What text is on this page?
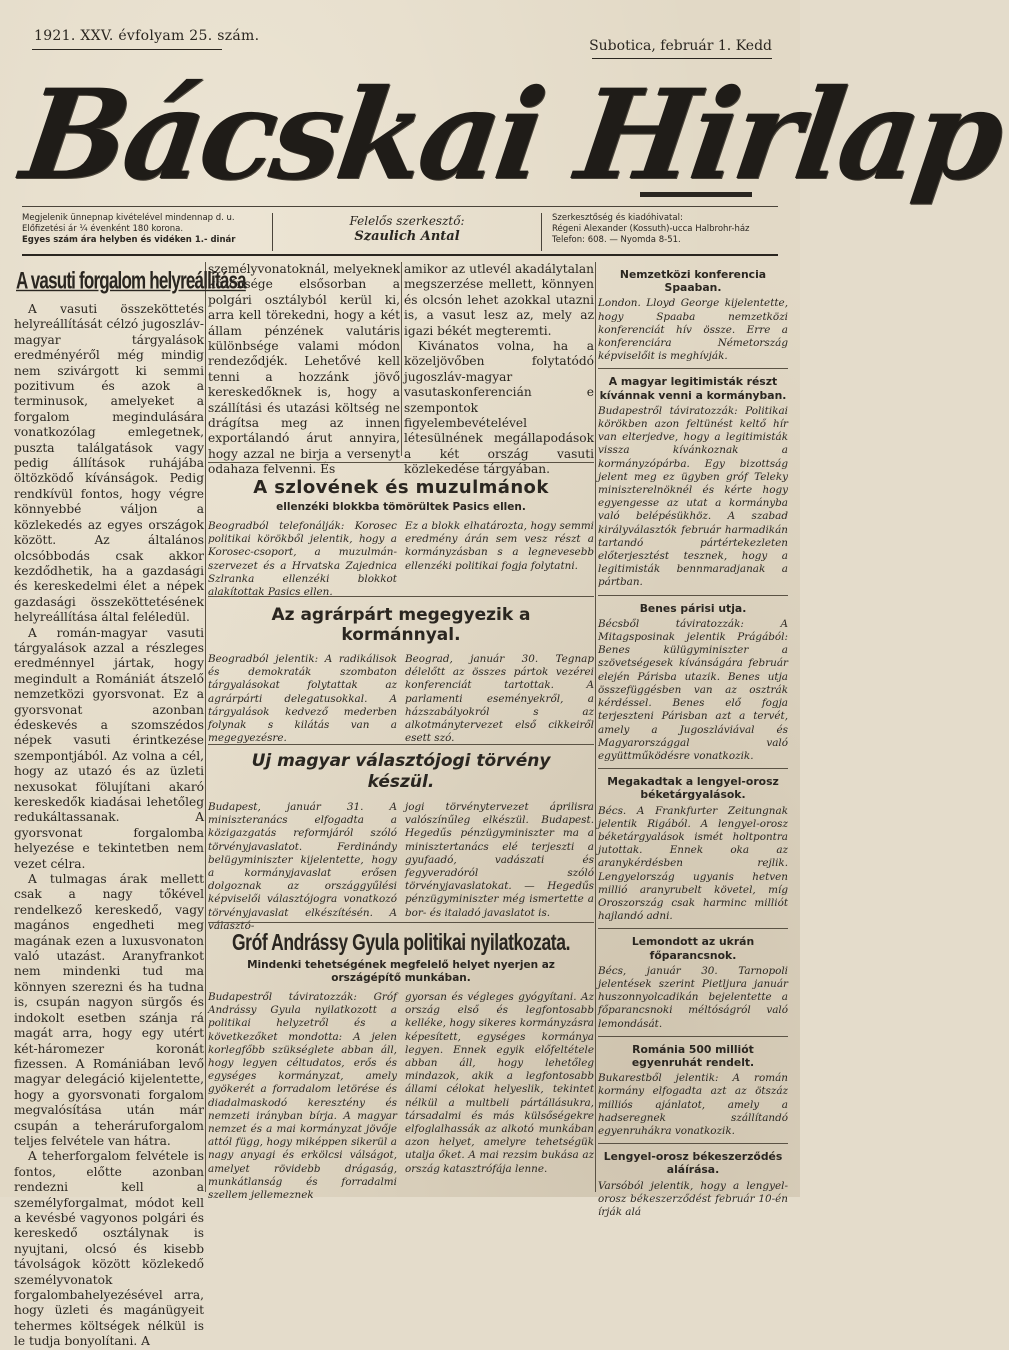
1921. XXV. évfolyam 25. szám.
Subotica, február 1. Kedd
Bácskai Hirlap
Megjelenik ünnepnap kivételével mindennap d. u.
Előfizetési ár ¼ évenként 180 korona.
Egyes szám ára helyben és vidéken 1.- dinár
Felelős szerkesztő:
Szaulich Antal
Szerkesztőség és kiadóhivatal:
Régeni Alexander (Kossuth)-ucca Halbrohr-ház
Telefon: 608. — Nyomda 8-51.
A vasuti forgalom helyreállítása

A vasuti összeköttetés helyreállítását célzó jugoszláv-magyar tárgyalások eredményéről még mindig nem szivárgott ki semmi pozitivum és azok a terminusok, amelyeket a forgalom megindulására vonatkozólag emlegetnek, puszta találgatások vagy pedig állítások ruhájába öltözködő kívánságok. Pedig rendkívül fontos, hogy végre könnyebbé váljon a közlekedés az egyes országok között. Az általános olcsóbbodás csak akkor kezdődhetik, ha a gazdasági és kereskedelmi élet a népek gazdasági összeköttetésének helyreállítása által feléledül.

A román-magyar vasuti tárgyalások azzal a részleges eredménnyel jártak, hogy megindult a Romániát átszelő nemzetközi gyorsvonat. Ez a gyorsvonat azonban édeskevés a szomszédos népek vasuti érintkezése szempontjából. Az volna a cél, hogy az utazó és az üzleti nexusokat fölujítani akaró kereskedők kiadásai lehetőleg redukáltassanak. A gyorsvonat forgalomba helyezése e tekintetben nem vezet célra.

A tulmagas árak mellett csak a nagy tőkével rendelkező kereskedő, vagy magános engedheti meg magának ezen a luxusvonaton való utazást. Aranyfrankot nem mindenki tud ma könnyen szerezni és ha tudna is, csupán nagyon sürgős és indokolt esetben szánja rá magát arra, hogy egy utért két-háromezer koronát fizessen. A Romániában levő magyar delegáció kijelentette, hogy a gyorsvonati forgalom megvalósítása után már csupán a teheráruforgalom teljes felvétele van hátra.

A teherforgalom felvétele is fontos, előtte azonban rendezni kell a személyforgalmat, módot kell a kevésbé vagyonos polgári és kereskedő osztálynak is nyujtani, olcsó és kisebb távolságok között közlekedő személyvonatok forgalombahelyezésével arra, hogy üzleti és magánügyeit tehermes költségek nélkül is le tudja bonyolítani. A

személyvonatoknál, melyeknek közönsége elsősorban a polgári osztályból kerül ki, arra kell törekedni, hogy a két állam pénzének valutáris különbsége valami módon rendeződjék. Lehetővé kell tenni a hozzánk jövő kereskedőknek is, hogy a szállítási és utazási költség ne drágítsa meg az innen exportálandó árut annyira, hogy azzal ne birja a versenyt odahaza felvenni. És

amikor az utlevél akadálytalan megszerzése mellett, könnyen és olcsón lehet azokkal utazni is, a vasut lesz az, mely az igazi békét megteremti.

Kivánatos volna, ha a közeljövőben folytatódó jugoszláv-magyar vasutaskonferencián e szempontok figyelembevételével létesülnének megállapodások a két ország vasuti közlekedése tárgyában.

A szlovének és muzulmánok
ellenzéki blokkba tömörültek Pasics ellen.
Beogradból telefonálják: Korosec politikai körökből jelentik, hogy a Korosec-csoport, a muzulmán-szervezet és a Hrvatska Zajednica Szlranka ellenzéki blokkot alakítottak Pasics ellen.
Ez a blokk elhatározta, hogy semmi eredmény árán sem vesz részt a kormányzásban s a legnevesebb ellenzéki politikai fogja folytatni.
Az agrárpárt megegyezik a kormánnyal.
Beogradból jelentik: A radikálisok és demokraták szombaton tárgyalásokat folytattak az agrárpárti delegatusokkal. A tárgyalások kedvező mederben folynak s kilátás van a megegyezésre.
Beograd, január 30. Tegnap délelőtt az összes pártok vezérei konferenciát tartottak. A parlamenti eseményekről, a házszabályokról s az alkotmánytervezet első cikkeiről esett szó.
Uj magyar választójogi törvény készül.
Budapest, január 31. A miniszteranács elfogadta a közigazgatás reformjáról szóló törvényjavaslatot. Ferdinándy belügyminiszter kijelentette, hogy a kormányjavaslat erősen dolgoznak az országgyűlési képviselői választójogra vonatkozó törvényjavaslat elkészítésén. A választó-
jogi törvénytervezet áprilisra valószínűleg elkészül. Budapest. Hegedűs pénzügyminiszter ma a minisztertanács elé terjeszti a gyufaadó, vadászati és fegyveradóról szóló törvényjavaslatokat. — Hegedűs pénzügyminiszter még ismertette a bor- és italadó javaslatot is.
Gróf Andrássy Gyula politikai nyilatkozata.
Mindenki tehetségének megfelelő helyet nyerjen az országépítő munkában.
Budapestről táviratozzák: Gróf Andrássy Gyula nyilatkozott a politikai helyzetről és a következőket mondotta: A jelen korlegfőbb szükséglete abban áll, hogy legyen céltudatos, erős és egységes kormányzat, amely gyökerét a forradalom letörése és diadalmaskodó keresztény és nemzeti irányban bírja. A magyar nemzet és a mai kormányzat jövője attól függ, hogy miképpen sikerül a nagy anyagi és erkölcsi válságot, amelyet rövidebb drágaság, munkátlanság és forradalmi szellem jellemeznek
gyorsan és végleges gyógyítani. Az ország első és legfontosabb kelléke, hogy sikeres kormányzásra képesített, egységes kormánya legyen. Ennek egyik előfeltétele abban áll, hogy lehetőleg mindazok, akik a legfontosabb állami célokat helyeslik, tekintet nélkül a multbeli pártállásukra, társadalmi és más külsőségekre elfoglalhassák az alkotó munkában azon helyet, amelyre tehetségük utalja őket. A mai rezsim bukása az ország katasztrófája lenne.
Nemzetközi konferencia Spaaban.
London. Lloyd George kijelentette, hogy Spaaba nemzetközi konferenciát hív össze. Erre a konferenciára Németország képviselőit is meghívják.
A magyar legitimisták részt kívánnak venni a kormányban.
Budapestről táviratozzák: Politikai körökben azon feltünést keltő hír van elterjedve, hogy a legitimisták vissza kívánkoznak a kormányzópárba. Egy bizottság jelent meg ez ügyben gróf Teleky miniszterelnöknél és kérte hogy egyengesse az utat a kormányba való belépésükhöz. A szabad királyválasztók február harmadikán tartandó pártértekezleten előterjesztést tesznek, hogy a legitimisták bennmaradjanak a pártban.
Benes párisi utja.
Bécsből táviratozzák: A Mitagsposinak jelentik Prágából: Benes külügyminiszter a szövetségesek kívánságára február elején Párisba utazik. Benes utja összefüggésben van az osztrák kérdéssel. Benes elő fogja terjeszteni Párisban azt a tervét, amely a Jugoszláviával és Magyarországgal való együttműködésre vonatkozik.
Megakadtak a lengyel-orosz béketárgyalások.
Bécs. A Frankfurter Zeitungnak jelentik Rigából. A lengyel-orosz béketárgyalások ismét holtpontra jutottak. Ennek oka az aranykérdésben rejlik. Lengyelország ugyanis hetven millió aranyrubelt követel, míg Oroszország csak harminc milliót hajlandó adni.
Lemondott az ukrán főparancsnok.
Bécs, január 30. Tarnopoli jelentések szerint Pietljura január huszonnyolcadikán bejelentette a főparancsnoki méltóságról való lemondását.
Románia 500 milliót egyenruhát rendelt.
Bukarestből jelentik: A román kormány elfogadta azt az ötszáz milliós ajánlatot, amely a hadseregnek szállítandó egyenruhákra vonatkozik.
Lengyel-orosz békeszerződés aláírása.
Varsóból jelentik, hogy a lengyel-orosz békeszerződést február 10-én írják alá
